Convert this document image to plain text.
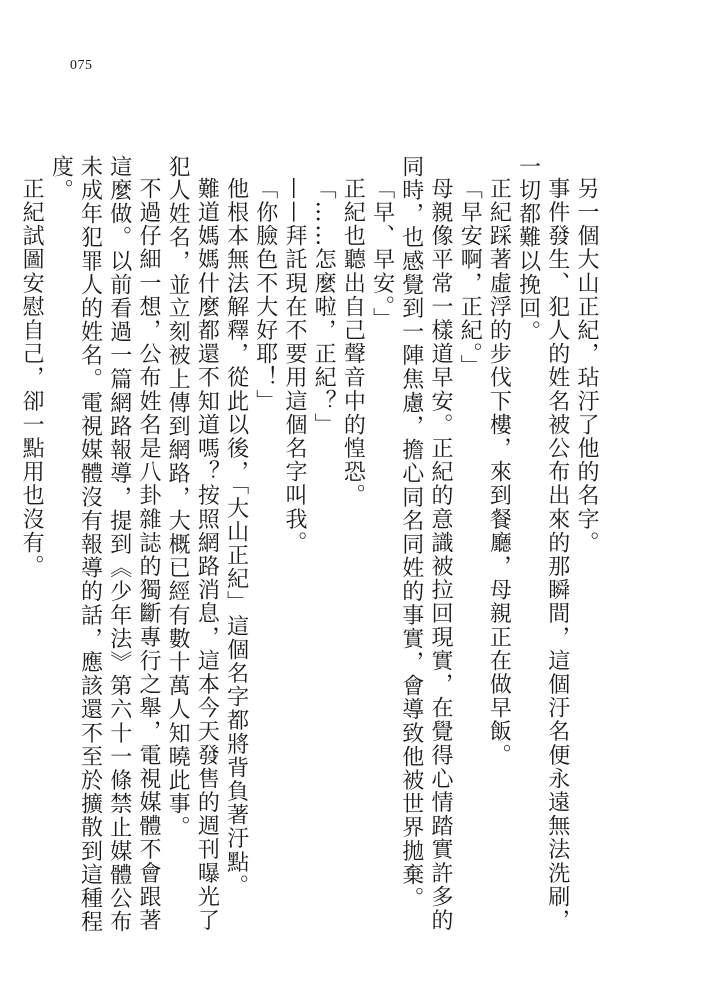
075

另一個大山正紀，玷汙了他的名字。

事件發生、犯人的姓名被公布出來的那瞬間，這個汙名便永遠無法洗刷，一切都難以挽回。

正紀踩著虛浮的步伐下樓，來到餐廳，母親正在做早飯。

「早安啊，正紀。」

母親像平常一樣道早安。正紀的意識被拉回現實，在覺得心情踏實許多的同時，也感覺到一陣焦慮，擔心同名同姓的事實，會導致他被世界拋棄。

「早、早安。」

正紀也聽出自己聲音中的惶恐。

「……怎麼啦，正紀？」

——拜託現在不要用這個名字叫我。

「你臉色不大好耶！」

他根本無法解釋，從此以後，「大山正紀」這個名字都將背負著汙點。

難道媽媽什麼都還不知道嗎？按照網路消息，這本今天發售的週刊曝光了犯人姓名，並立刻被上傳到網路，大概已經有數十萬人知曉此事。

不過仔細一想，公布姓名是八卦雜誌的獨斷專行之舉，電視媒體不會跟著這麼做。以前看過一篇網路報導，提到《少年法》第六十一條禁止媒體公布未成年犯罪人的姓名。電視媒體沒有報導的話，應該還不至於擴散到這種程度。

正紀試圖安慰自己，卻一點用也沒有。
